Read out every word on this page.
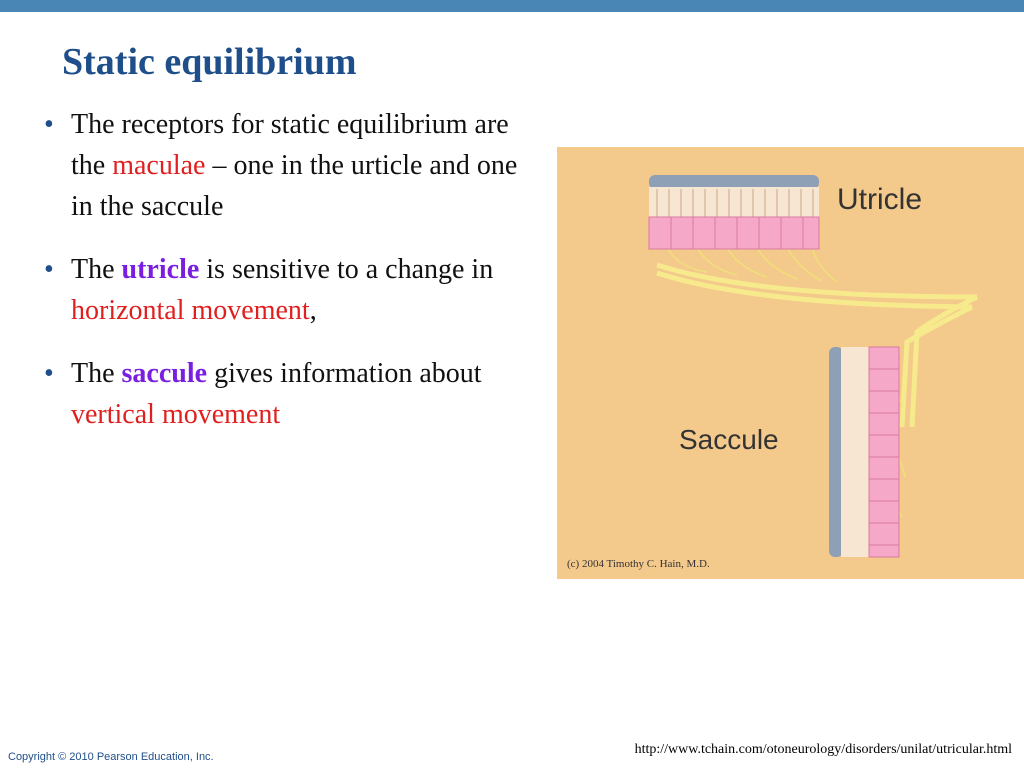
Static equilibrium
• The receptors for static equilibrium are the maculae – one in the urticle and one in the saccule
• The utricle is sensitive to a change in horizontal movement,
• The saccule gives information about vertical movement
Utricle
Saccule
(c) 2004 Timothy C. Hain, M.D.
Copyright © 2010 Pearson Education, Inc.	http://www.tchain.com/otoneurology/disorders/unilat/utricular.html
